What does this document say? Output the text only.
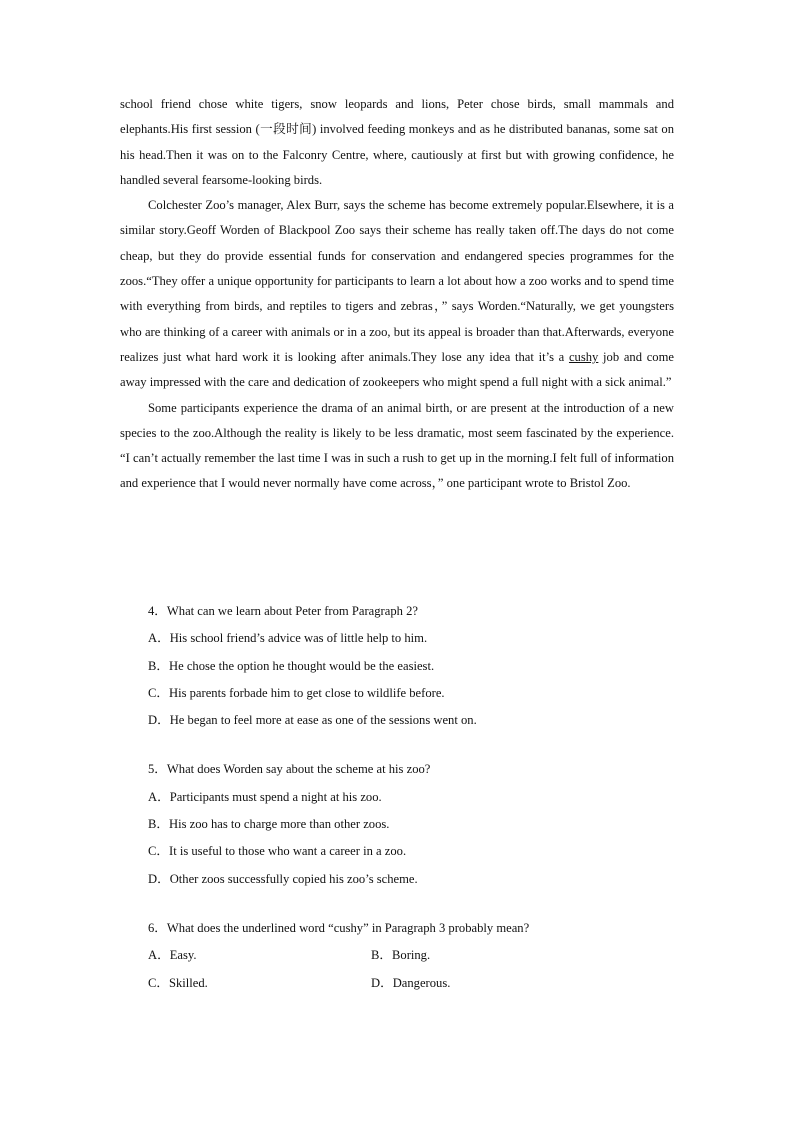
school friend chose white tigers, snow leopards and lions, Peter chose birds, small mammals and elephants.His first session (一段时间) involved feeding monkeys and as he distributed bananas, some sat on his head.Then it was on to the Falconry Centre, where, cautiously at first but with growing confidence, he handled several fearsome-looking birds.

Colchester Zoo’s manager, Alex Burr, says the scheme has become extremely popular.Elsewhere, it is a similar story.Geoff Worden of Blackpool Zoo says their scheme has really taken off.The days do not come cheap, but they do provide essential funds for conservation and endangered species programmes for the zoos.“They offer a unique opportunity for participants to learn a lot about how a zoo works and to spend time with everything from birds, and reptiles to tigers and zebras，” says Worden.“Naturally, we get youngsters who are thinking of a career with animals or in a zoo, but its appeal is broader than that.Afterwards, everyone realizes just what hard work it is looking after animals.They lose any idea that it’s a cushy job and come away impressed with the care and dedication of zookeepers who might spend a full night with a sick animal.”

Some participants experience the drama of an animal birth, or are present at the introduction of a new species to the zoo.Although the reality is likely to be less dramatic, most seem fascinated by the experience. “I can’t actually remember the last time I was in such a rush to get up in the morning.I felt full of information and experience that I would never normally have come across，” one participant wrote to Bristol Zoo.

4．What can we learn about Peter from Paragraph 2?
A．His school friend’s advice was of little help to him.
B．He chose the option he thought would be the easiest.
C．His parents forbade him to get close to wildlife before.
D．He began to feel more at ease as one of the sessions went on.
5．What does Worden say about the scheme at his zoo?
A．Participants must spend a night at his zoo.
B．His zoo has to charge more than other zoos.
C．It is useful to those who want a career in a zoo.
D．Other zoos successfully copied his zoo’s scheme.
6．What does the underlined word “cushy” in Paragraph 3 probably mean?
A．Easy.	B．Boring.
C．Skilled.	D．Dangerous.
